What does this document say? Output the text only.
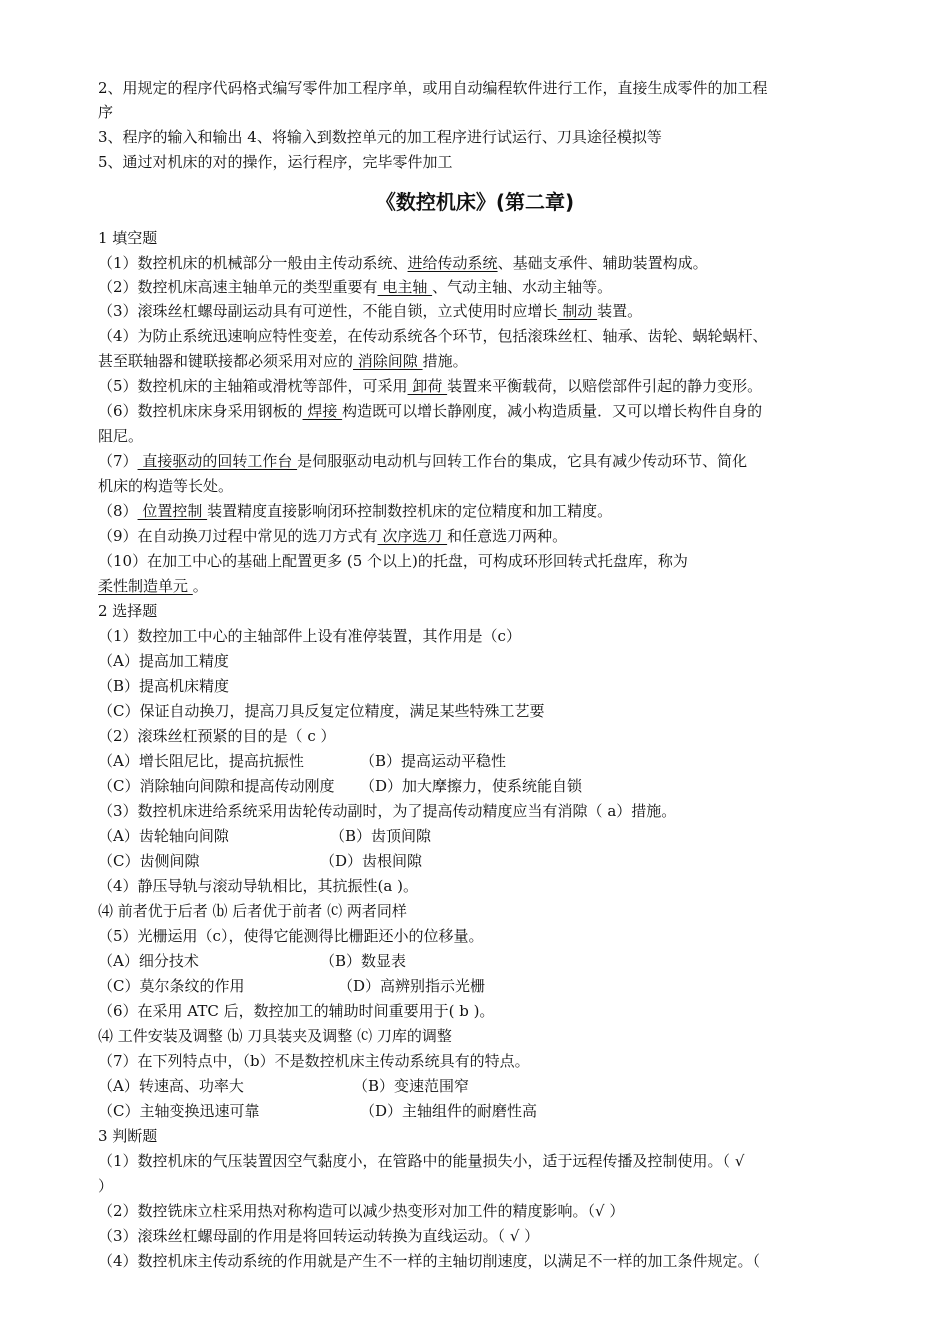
2、用规定的程序代码格式编写零件加工程序单，或用自动编程软件进行工作，直接生成零件的加工程
序
3、程序的输入和输出 4、将输入到数控单元的加工程序进行试运行、刀具途径模拟等
5、通过对机床的对的操作，运行程序，完毕零件加工
《数控机床》(第二章)
1 填空题
（1）数控机床的机械部分一般由主传动系统、进给传动系统、基础支承件、辅助装置构成。
（2）数控机床高速主轴单元的类型重要有 电主轴 、气动主轴、水动主轴等。
（3）滚珠丝杠螺母副运动具有可逆性，不能自锁，立式使用时应增长 制动 装置。
（4）为防止系统迅速响应特性变差，在传动系统各个环节，包括滚珠丝杠、轴承、齿轮、蜗轮蜗杆、
甚至联轴器和键联接都必须采用对应的 消除间隙 措施。
（5）数控机床的主轴箱或滑枕等部件，可采用 卸荷 装置来平衡载荷，以赔偿部件引起的静力变形。
（6）数控机床床身采用钢板的 焊接 构造既可以增长静刚度，减小构造质量．又可以增长构件自身的
阻尼。
（7） 直接驱动的回转工作台 是伺服驱动电动机与回转工作台的集成，它具有减少传动环节、简化
机床的构造等长处。
（8） 位置控制 装置精度直接影响闭环控制数控机床的定位精度和加工精度。
（9）在自动换刀过程中常见的选刀方式有 次序选刀 和任意选刀两种。
（10）在加工中心的基础上配置更多 (5 个以上)的托盘，可构成环形回转式托盘库，称为
柔性制造单元 。
2 选择题
（1）数控加工中心的主轴部件上设有准停装置，其作用是（c）
（A）提高加工精度
（B）提高机床精度
（C）保证自动换刀，提高刀具反复定位精度，满足某些特殊工艺要
（2）滚珠丝杠预紧的目的是（ c ）
（A）增长阻尼比，提高抗振性	（B）提高运动平稳性
（C）消除轴向间隙和提高传动刚度 （D）加大摩擦力，使系统能自锁
（3）数控机床进给系统采用齿轮传动副时，为了提高传动精度应当有消隙（ a）措施。
（A）齿轮轴向间隙	（B）齿顶间隙
（C）齿侧间隙	（D）齿根间隙
（4）静压导轨与滚动导轨相比，其抗振性(a )。
⑷ 前者优于后者 ⒝ 后者优于前者 ⒞ 两者同样
（5）光栅运用（c），使得它能测得比栅距还小的位移量。
（A）细分技术	（B）数显表
（C）莫尔条纹的作用	（D）高辨别指示光栅
（6）在采用 ATC 后，数控加工的辅助时间重要用于( b )。
⑷ 工件安装及调整 ⒝ 刀具装夹及调整 ⒞ 刀库的调整
（7）在下列特点中，（b）不是数控机床主传动系统具有的特点。
（A）转速高、功率大	（B）变速范围窄
（C）主轴变换迅速可靠	（D）主轴组件的耐磨性高
3 判断题
（1）数控机床的气压装置因空气黏度小，在管路中的能量损失小，适于远程传播及控制使用。（ √
）
（2）数控铣床立柱采用热对称构造可以减少热变形对加工件的精度影响。（√ ）
（3）滚珠丝杠螺母副的作用是将回转运动转换为直线运动。（ √ ）
（4）数控机床主传动系统的作用就是产生不一样的主轴切削速度，以满足不一样的加工条件规定。（
